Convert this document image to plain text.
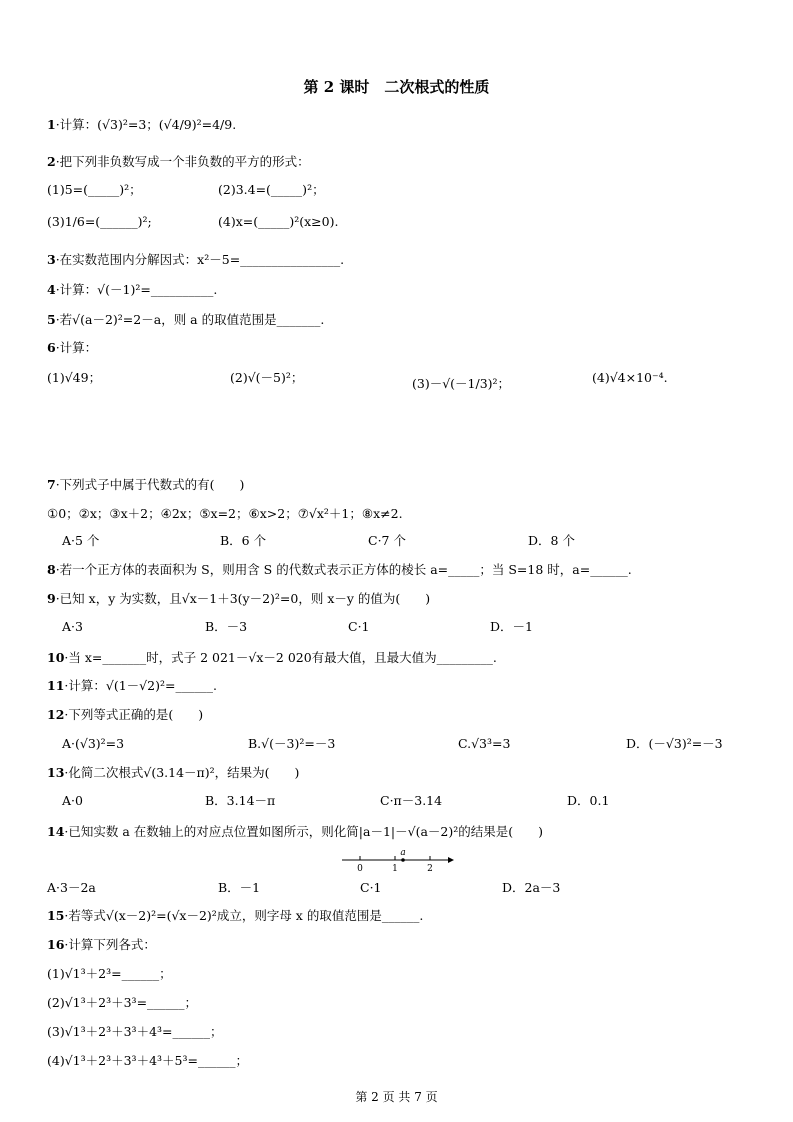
第 2 课时　二次根式的性质
1·计算：(√3)²=3；(√4/9)²=4/9.
2·把下列非负数写成一个非负数的平方的形式：
(1)5=(_____)²；	(2)3.4=(_____)²；
(3)1/6=(______)²;	(4)x=(_____)²(x≥0).
3·在实数范围内分解因式：x²－5=________________.
4·计算：√(－1)²=__________.
5·若√(a－2)²=2－a，则 a 的取值范围是_______.
6·计算：
(1)√49；	(2)√(－5)²；	(3)－√(－1/3)²；	(4)√4×10⁻⁴.
7·下列式子中属于代数式的有(　　)
①0；②x；③x＋2；④2x；⑤x=2；⑥x>2；⑦√x²＋1；⑧x≠2.
A·5 个	B．6 个	C·7 个	D．8 个
8·若一个正方体的表面积为 S，则用含 S 的代数式表示正方体的棱长 a=_____；当 S=18 时，a=______.
9·已知 x，y 为实数，且√x－1＋3(y－2)²=0，则 x－y 的值为(　　)
A·3	B．－3	C·1	D．－1
10·当 x=_______时，式子 2 021－√x－2 020有最大值，且最大值为_________.
11·计算：√(1－√2)²=______.
12·下列等式正确的是(　　)
A·(√3)²=3	B.√(－3)²=－3	C.√3³=3	D．(－√3)²=－3
13·化简二次根式√(3.14－π)²，结果为(　　)
A·0	B．3.14－π	C·π－3.14	D．0.1
14·已知实数 a 在数轴上的对应点位置如图所示，则化简|a－1|－√(a－2)²的结果是(　　)
0	1	2
a
A·3－2a	B．－1	C·1	D．2a－3
15·若等式√(x－2)²=(√x－2)²成立，则字母 x 的取值范围是______.
16·计算下列各式：
(1)√1³＋2³=______；
(2)√1³＋2³＋3³=______；
(3)√1³＋2³＋3³＋4³=______；
(4)√1³＋2³＋3³＋4³＋5³=______；
第 2 页 共 7 页
